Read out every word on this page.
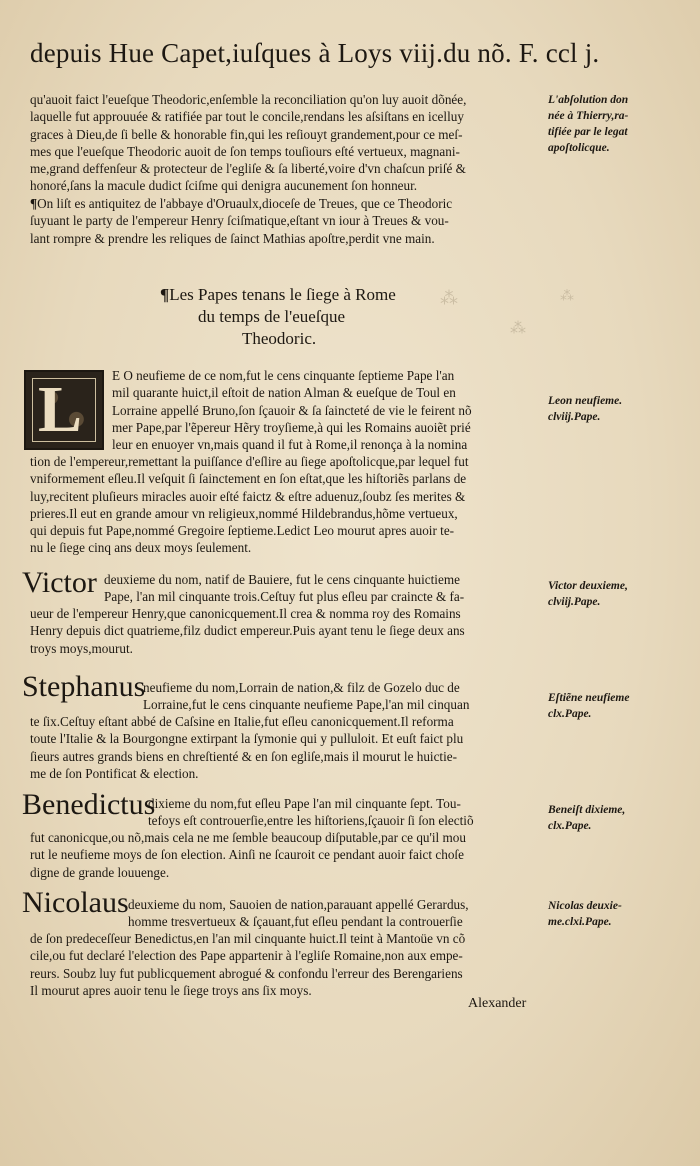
depuis Hue Capet,iuſques à Loys viij.du nõ. F. ccl j.
qu'auoit faict l'eueſque Theodoric,enſemble la reconciliation qu'on luy auoit dõnée,
laquelle fut approuuée & ratifiée par tout le concile,rendans les aſsiſtans en icelluy
graces à Dieu,de ſi belle & honorable fin,qui les reſiouyt grandement,pour ce meſ-
mes que l'eueſque Theodoric auoit de ſon temps touſiours eſté vertueux, magnani-
me,grand deffenſeur & protecteur de l'egliſe & ſa liberté,voire d'vn chaſcun priſé &
honoré,ſans la macule dudict ſciſme qui denigra aucunement ſon honneur.
¶On liſt es antiquitez de l'abbaye d'Oruaulx,dioceſe de Treues, que ce Theodoric
ſuyuant le party de l'empereur Henry ſciſmatique,eſtant vn iour à Treues & vou-
lant rompre & prendre les reliques de ſainct Mathias apoſtre,perdit vne main.
L'abſolution don
née à Thierry,ra-
tifiée par le legat
apoſtolicque.
⁂	⁂
⁂
¶Les Papes tenans le ſiege à Rome
du temps de l'eueſque
Theodoric.
L E O neufieme de ce nom,fut le cens cinquante ſeptieme Pape l'an
mil quarante huict,il eſtoit de nation Alman & eueſque de Toul en
Lorraine appellé Bruno,ſon ſçauoir & ſa ſaincteté de vie le feirent nõ
mer Pape,par l'ẽpereur Hẽry troyſieme,à qui les Romains auoiẽt prié
leur en enuoyer vn,mais quand il fut à Rome,il renonça à la nomina
tion de l'empereur,remettant la puiſſance d'eſlire au ſiege apoſtolicque,par lequel fut
vniformement eſleu.Il veſquit ſi ſainctement en ſon eſtat,que les hiſtoriẽs parlans de
luy,recitent pluſieurs miracles auoir eſté faictz & eſtre aduenuz,ſoubz ſes merites &
prieres.Il eut en grande amour vn religieux,nommé Hildebrandus,hõme vertueux,
qui depuis fut Pape,nommé Gregoire ſeptieme.Ledict Leo mourut apres auoir te-
nu le ſiege cinq ans deux moys ſeulement.
Leon neufieme.
clviij.Pape.
Victor deuxieme du nom, natif de Bauiere, fut le cens cinquante huictieme
Pape, l'an mil cinquante trois.Ceſtuy fut plus eſleu par craincte & fa-
ueur de l'empereur Henry,que canonicquement.Il crea & nomma roy des Romains
Henry depuis dict quatrieme,filz dudict empereur.Puis ayant tenu le ſiege deux ans
troys moys,mourut.
Victor deuxieme,
clviij.Pape.
Stephanus
neufieme du nom,Lorrain de nation,& filz de Gozelo duc de
Lorraine,fut le cens cinquante neufieme Pape,l'an mil cinquan
te ſix.Ceſtuy eſtant abbé de Caſsine en Italie,fut eſleu canonicquement.Il reforma
toute l'Italie & la Bourgongne extirpant la ſymonie qui y pulluloit. Et euſt faict plu
ſieurs autres grands biens en chreſtienté & en ſon egliſe,mais il mourut le huictie-
me de ſon Pontificat & election.
Eſtiẽne neufieme
clx.Pape.
Benedictus
dixieme du nom,fut eſleu Pape l'an mil cinquante ſept. Tou-
tefoys eſt controuerſie,entre les hiſtoriens,ſçauoir ſi ſon electiõ
fut canonicque,ou nõ,mais cela ne me ſemble beaucoup diſputable,par ce qu'il mou
rut le neufieme moys de ſon election. Ainſi ne ſcauroit ce pendant auoir faict choſe
digne de grande louuenge.
Beneiſt dixieme,
clx.Pape.
Nicolaus deuxieme du nom, Sauoien de nation,parauant appellé Gerardus,
homme tresvertueux & ſçauant,fut eſleu pendant la controuerſie
de ſon predeceſſeur Benedictus,en l'an mil cinquante huict.Il teint à Mantoüe vn cõ
cile,ou fut declaré l'election des Pape appartenir à l'egliſe Romaine,non aux empe-
reurs. Soubz luy fut publicquement abrogué & confondu l'erreur des Berengariens
Il mourut apres auoir tenu le ſiege troys ans ſix moys.
Nicolas deuxie-
me.clxi.Pape.
Alexander
